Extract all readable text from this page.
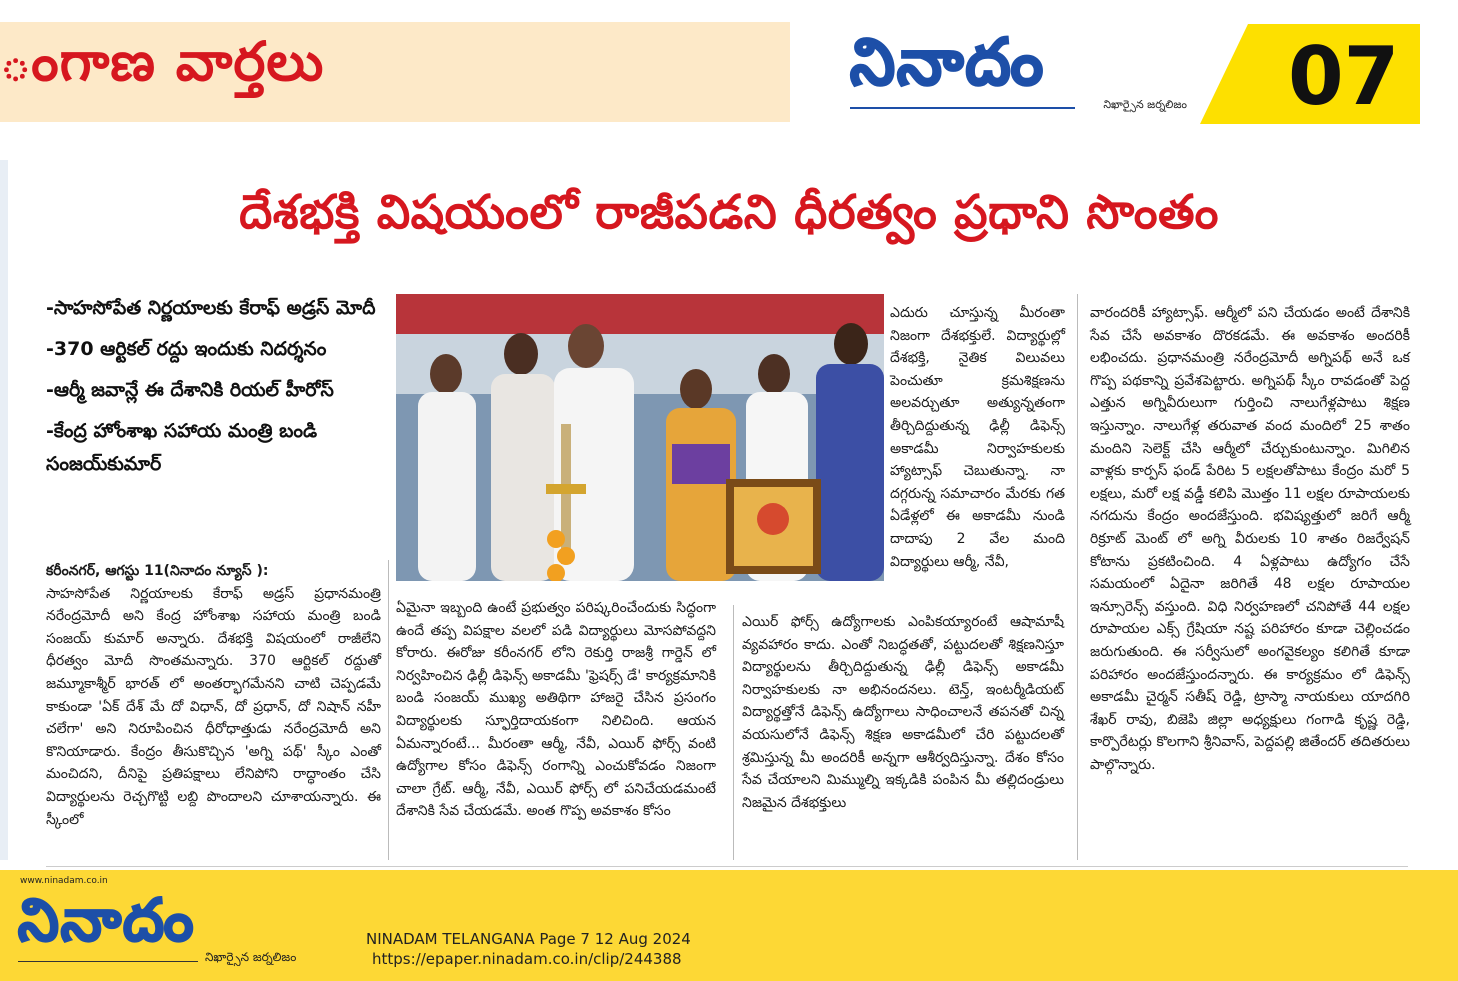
ంగాణ వార్తలు	నినాదం
నిఖార్సైన జర్నలిజం 07
దేశభక్తి విషయంలో రాజీపడని ధీరత్వం ప్రధాని సొంతం
-సాహసోపేత నిర్ణయాలకు కేరాఫ్ అడ్రస్ మోదీ
-370 ఆర్టికల్ రద్దు ఇందుకు నిదర్శనం
-ఆర్మీ జవాన్లే ఈ దేశానికి రియల్ హీరోస్
-కేంద్ర హోంశాఖ సహాయ మంత్రి బండి సంజయ్‌కుమార్

కరీంనగర్, ఆగస్టు 11(నినాదం న్యూస్ ):

సాహసోపేత నిర్ణయాలకు కేరాఫ్ అడ్రస్ ప్రధానమంత్రి నరేంద్రమోదీ అని కేంద్ర హోంశాఖ సహాయ మంత్రి బండి సంజయ్ కుమార్ అన్నారు. దేశభక్తి విషయంలో రాజీలేని ధీరత్వం మోదీ సొంతమన్నారు. 370 ఆర్టికల్ రద్దుతో జమ్మూకాశ్మీర్ భారత్ లో అంతర్భాగమేనని చాటి చెప్పడమే కాకుండా 'ఏక్ దేశ్ మే దో విధాన్, దో ప్రధాన్, దో నిషాన్ నహీ చలేగా' అని నిరూపించిన ధీరోధాత్తుడు నరేంద్రమోదీ అని కొనియాడారు. కేంద్రం తీసుకొచ్చిన 'అగ్ని పథ్' స్కీం ఎంతో మంచిదని, దీనిపై ప్రతిపక్షాలు లేనిపోని రాద్ధాంతం చేసి విద్యార్థులను రెచ్చగొట్టి లబ్ది పొందాలని చూశాయన్నారు. ఈ స్కీంలో

ఏమైనా ఇబ్బంది ఉంటే ప్రభుత్వం పరిష్కరించేందుకు సిద్ధంగా ఉందే తప్ప విపక్షాల వలలో పడి విద్యార్థులు మోసపోవద్దని కోరారు. ఈరోజు కరీంనగర్ లోని రెకుర్తి రాజశ్రీ గార్డెన్ లో నిర్వహించిన ఢిల్లీ డిఫెన్స్ అకాడమీ 'ఫ్రెషర్స్ డే' కార్యక్రమానికి బండి సంజయ్ ముఖ్య అతిథిగా హాజరై చేసిన ప్రసంగం విద్యార్థులకు స్ఫూర్తిదాయకంగా నిలిచింది. ఆయన ఏమన్నారంటే... మీరంతా ఆర్మీ, నేవీ, ఎయిర్ ఫోర్స్ వంటి ఉద్యోగాల కోసం డిఫెన్స్ రంగాన్ని ఎంచుకోవడం నిజంగా చాలా గ్రేట్. ఆర్మీ, నేవీ, ఎయిర్ ఫోర్స్ లో పనిచేయడమంటే దేశానికి సేవ చేయడమే. అంత గొప్ప అవకాశం కోసం

ఎయిర్ ఫోర్స్ ఉద్యోగాలకు ఎంపికయ్యారంటే ఆషామాషీ వ్యవహారం కాదు. ఎంతో నిబద్ధతతో, పట్టుదలతో శిక్షణనిస్తూ విద్యార్థులను తీర్చిదిద్దుతున్న ఢిల్లీ డిఫెన్స్ అకాడమీ నిర్వాహకులకు నా అభినందనలు. టెన్త్, ఇంటర్మీడియట్ విద్యార్థత్తోనే డిఫెన్స్ ఉద్యోగాలు సాధించాలనే తపనతో చిన్న వయసులోనే డిఫెన్స్ శిక్షణ అకాడమీలో చేరి పట్టుదలతో శ్రమిస్తున్న మీ అందరికీ అన్నగా ఆశీర్వదిస్తున్నా. దేశం కోసం సేవ చేయాలని మిమ్ముల్ని ఇక్కడికి పంపిన మీ తల్లిదండ్రులు నిజమైన దేశభక్తులు

ఎదురు చూస్తున్న మీరంతా నిజంగా దేశభక్తులే. విద్యార్థుల్లో దేశభక్తి, నైతిక విలువలు పెంచుతూ క్రమశిక్షణను అలవర్చుతూ అత్యున్నతంగా తీర్చిదిద్దుతున్న ఢిల్లీ డిఫెన్స్ అకాడమీ నిర్వాహకులకు హ్యాట్సాఫ్ చెబుతున్నా. నా దగ్గరున్న సమాచారం మేరకు గత ఏడేళ్లలో ఈ అకాడమీ నుండి దాదాపు 2 వేల మంది విద్యార్థులు ఆర్మీ, నేవీ,

వారందరికీ హ్యాట్సాఫ్. ఆర్మీలో పని చేయడం అంటే దేశానికి సేవ చేసే అవకాశం దొరకడమే. ఈ అవకాశం అందరికీ లభించదు. ప్రధానమంత్రి నరేంద్రమోదీ అగ్నిపథ్ అనే ఒక గొప్ప పథకాన్ని ప్రవేశపెట్టారు. అగ్నిపథ్ స్కీం రావడంతో పెద్ద ఎత్తున అగ్నివీరులుగా గుర్తించి నాలుగేళ్లపాటు శిక్షణ ఇస్తున్నాం. నాలుగేళ్ల తరువాత వంద మందిలో 25 శాతం మందిని సెలెక్ట్ చేసి ఆర్మీలో చేర్చుకుంటున్నాం. మిగిలిన వాళ్లకు కార్పస్ ఫండ్ పేరిట 5 లక్షలతోపాటు కేంద్రం మరో 5 లక్షలు, మరో లక్ష వడ్డీ కలిపి మొత్తం 11 లక్షల రూపాయలకు నగదును కేంద్రం అందజేస్తుంది. భవిష్యత్తులో జరిగే ఆర్మీ రిక్రూట్ మెంట్ లో అగ్ని వీరులకు 10 శాతం రిజర్వేషన్ కోటాను ప్రకటించింది. 4 ఏళ్లపాటు ఉద్యోగం చేసే సమయంలో ఏదైనా జరిగితే 48 లక్షల రూపాయల ఇన్సూరెన్స్ వస్తుంది. విధి నిర్వహణలో చనిపోతే 44 లక్షల రూపాయల ఎక్స్ గ్రేషియా నష్ట పరిహారం కూడా చెల్లించడం జరుగుతుంది. ఈ సర్వీసులో అంగవైకల్యం కలిగితే కూడా పరిహారం అందజేస్తుందన్నారు. ఈ కార్యక్రమం లో డిఫెన్స్ అకాడమీ చైర్మన్ సతీష్ రెడ్డి, ట్రాస్మా నాయకులు యాదగిరి శేఖర్ రావు, బిజెపి జిల్లా అధ్యక్షులు గంగాడి కృష్ణ రెడ్డి, కార్పొరేటర్లు కొలగాని శ్రీనివాస్, పెద్దపల్లి జితేందర్ తదితరులు పాల్గొన్నారు.

www.ninadam.co.in
నినాదం
నిఖార్సైన జర్నలిజం
NINADAM TELANGANA Page 7 12 Aug 2024
https://epaper.ninadam.co.in/clip/244388
